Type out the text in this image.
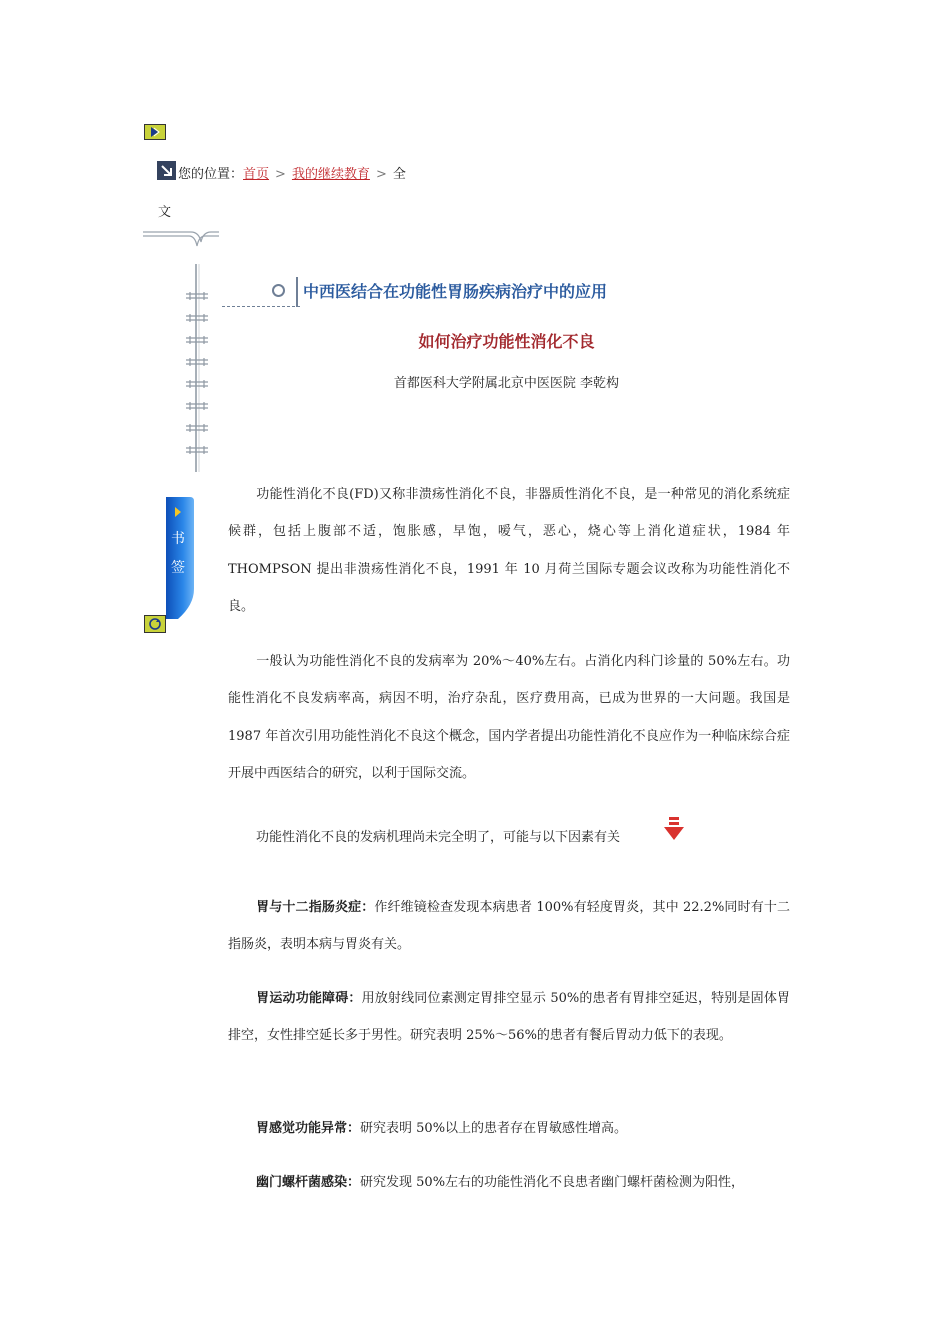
您的位置：首页 > 我的继续教育 > 全
文
中西医结合在功能性胃肠疾病治疗中的应用
如何治疗功能性消化不良
首都医科大学附属北京中医医院 李乾构
书
签

功能性消化不良(FD)又称非溃疡性消化不良，非器质性消化不良，是一种常见的消化系统症候群，包括上腹部不适，饱胀感，早饱，嗳气，恶心，烧心等上消化道症状，1984 年THOMPSON 提出非溃疡性消化不良，1991 年 10 月荷兰国际专题会议改称为功能性消化不良。

一般认为功能性消化不良的发病率为 20%～40%左右。占消化内科门诊量的 50%左右。功能性消化不良发病率高，病因不明，治疗杂乱，医疗费用高，已成为世界的一大问题。我国是 1987 年首次引用功能性消化不良这个概念，国内学者提出功能性消化不良应作为一种临床综合症开展中西医结合的研究，以利于国际交流。

功能性消化不良的发病机理尚未完全明了，可能与以下因素有关

胃与十二指肠炎症：作纤维镜检查发现本病患者 100%有轻度胃炎，其中 22.2%同时有十二指肠炎，表明本病与胃炎有关。

胃运动功能障碍：用放射线同位素测定胃排空显示 50%的患者有胃排空延迟，特别是固体胃排空，女性排空延长多于男性。研究表明 25%～56%的患者有餐后胃动力低下的表现。

胃感觉功能异常：研究表明 50%以上的患者存在胃敏感性增高。

幽门螺杆菌感染：研究发现 50%左右的功能性消化不良患者幽门螺杆菌检测为阳性，
